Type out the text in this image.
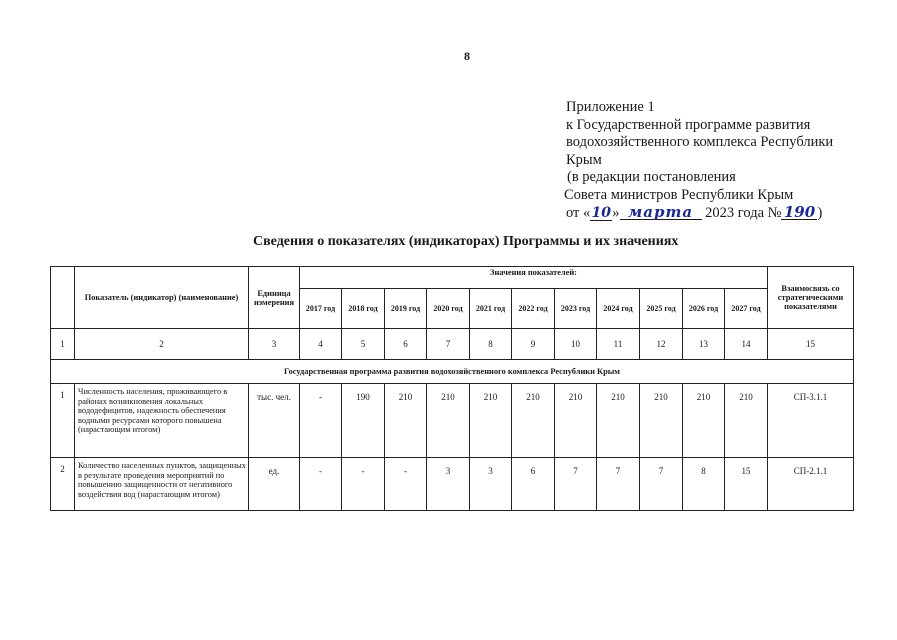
8
Приложение 1
к Государственной программе развития
водохозяйственного комплекса Республики
Крым
(в редакции постановления
Совета министров Республики Крым
от «10» марта 2023 года № 190 )
Сведения о показателях (индикаторах) Программы и их значениях
	Показатель (индикатор) (наименование)	Единица измерения	Значения показателей:											Взаимосвязь со стратегическими показателями
			2017 год	2018 год	2019 год	2020 год	2021 год	2022 год	2023 год	2024 год	2025 год	2026 год	2027 год	
1	2	3	4	5	6	7	8	9	10	11	12	13	14	15
Государственная программа развития водохозяйственного комплекса Республики Крым														
1	Численность населения, проживающего в районах возникновения локальных вододефицитов, надежность обеспечения водными ресурсами которого повышена (нарастающим итогом)	тыс. чел.	-	190	210	210	210	210	210	210	210	210	210	СП-3.1.1
2	Количество населенных пунктов, защищенных в результате проведения мероприятий по повышению защищенности от негативного воздействия вод (нарастающим итогом)	ед.	-	-	-	3	3	6	7	7	7	8	15	СП-2.1.1
